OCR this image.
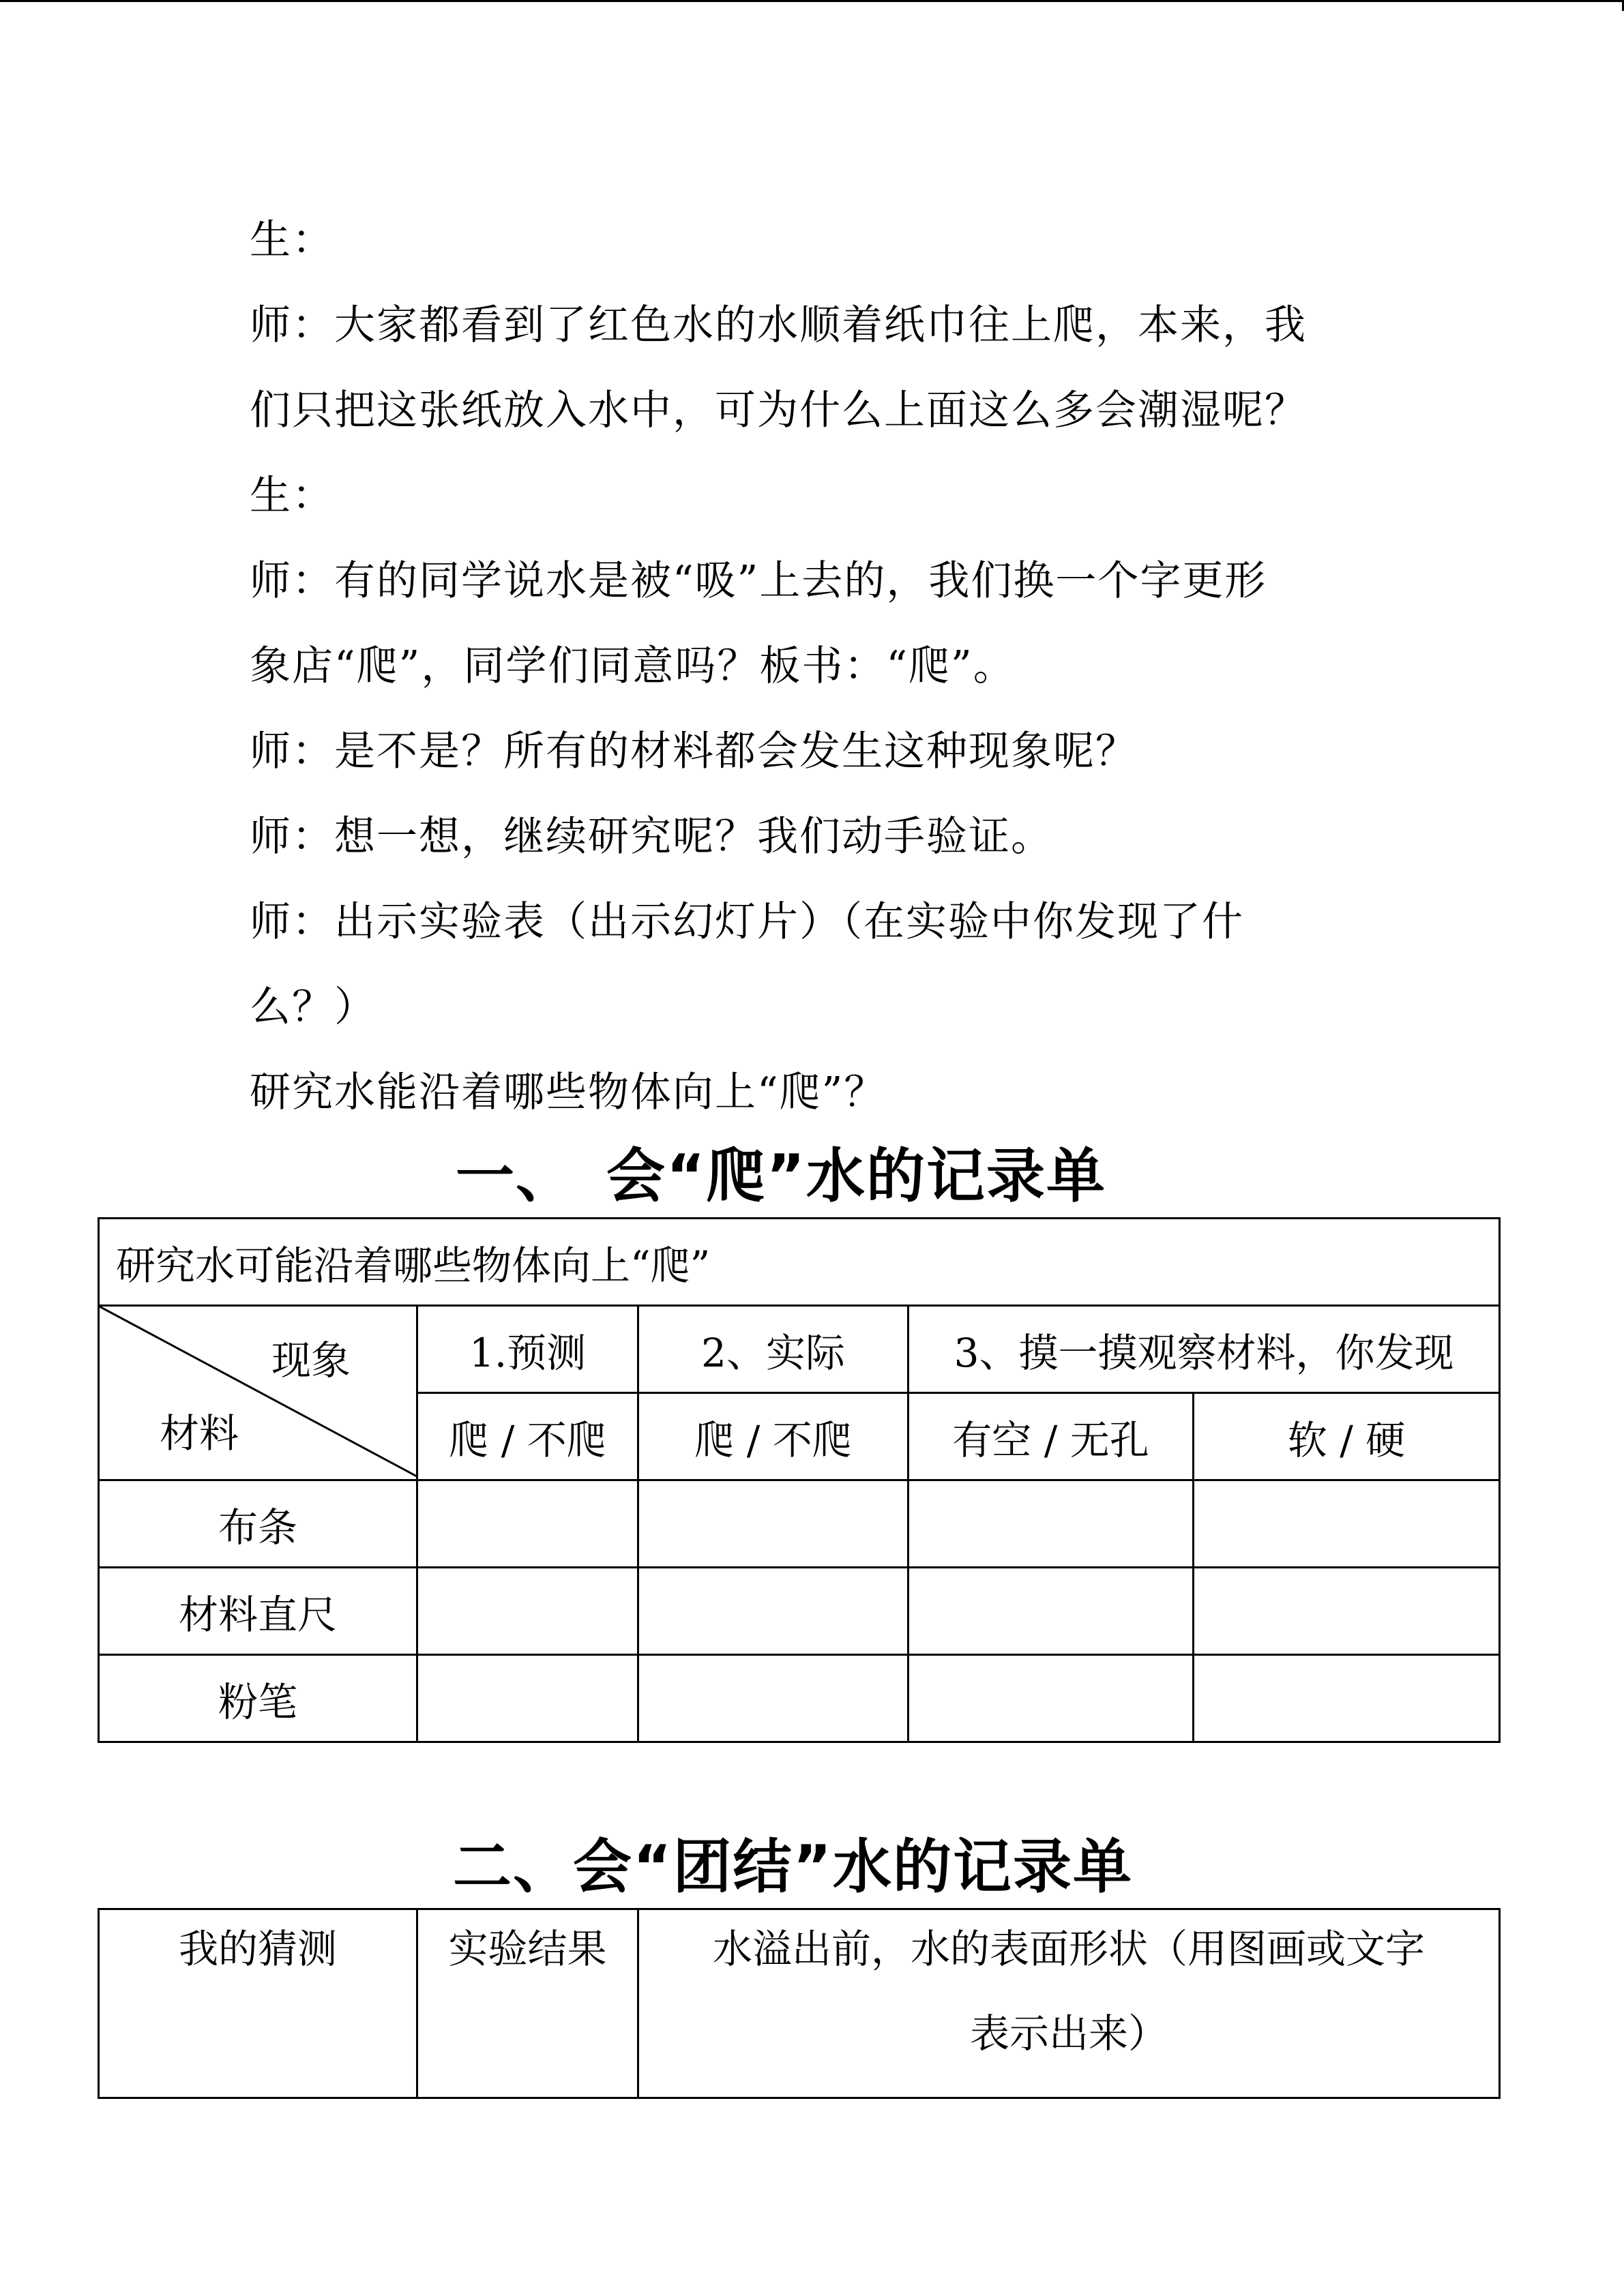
生：
师：大家都看到了红色水的水顺着纸巾往上爬，本来，我
们只把这张纸放入水中，可为什么上面这么多会潮湿呢？
生：
师：有的同学说水是被“吸”上去的，我们换一个字更形
象店“爬”，同学们同意吗？板书：“爬”。
师：是不是？所有的材料都会发生这种现象呢？
师：想一想，继续研究呢？我们动手验证。
师：出示实验表（出示幻灯片）（在实验中你发现了什
么？）
研究水能沿着哪些物体向上“爬”？
一、　会“爬”水的记录单
研究水可能沿着哪些物体向上“爬”				

现象
材料	1.预测	2、实际	3、摸一摸观察材料，你发现	
	爬 / 不爬	爬 / 不爬	有空 / 无孔	软 / 硬
布条				
材料直尺				
粉笔				
二、会“团结”水的记录单
我的猜测	实验结果	水溢出前，水的表面形状（用图画或文字
表示出来）
